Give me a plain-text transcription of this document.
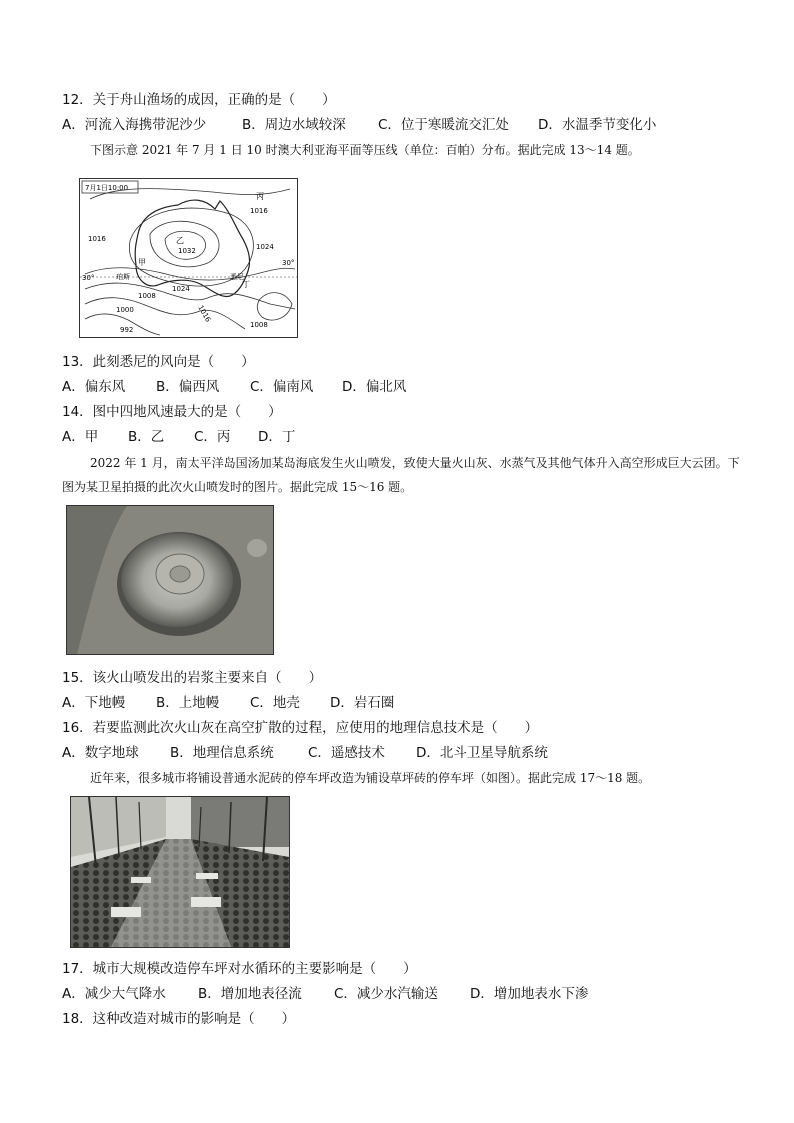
12．关于舟山渔场的成因，正确的是（　　）
A．河流入海携带泥沙少	B．周边水域较深 C．位于寒暖流交汇处 D．水温季节变化小
下图示意 2021 年 7 月 1 日 10 时澳大利亚海平面等压线（单位：百帕）分布。据此完成 13～14 题。
7月1日10:00
1016
1016
1024
1032
1024
1008
1000
992
1008
1016
丙
乙
甲
丁
珀斯	悉尼
30°
30°
13．此刻悉尼的风向是（　　）
A．偏东风 B．偏西风 C．偏南风 D．偏北风
14．图中四地风速最大的是（　　）
A．甲 B．乙 C．丙 D．丁
2022 年 1 月，南太平洋岛国汤加某岛海底发生火山喷发，致使大量火山灰、水蒸气及其他气体升入高空形成巨大云团。下图为某卫星拍摄的此次火山喷发时的图片。据此完成 15～16 题。
15．该火山喷发出的岩浆主要来自（　　）
A．下地幔 B．上地幔 C．地壳 D．岩石圈
16．若要监测此次火山灰在高空扩散的过程，应使用的地理信息技术是（　　）
A．数字地球 B．地理信息系统	C．遥感技术 D．北斗卫星导航系统
近年来，很多城市将铺设普通水泥砖的停车坪改造为铺设草坪砖的停车坪（如图）。据此完成 17～18 题。
17．城市大规模改造停车坪对水循环的主要影响是（　　）
A．减少大气降水 B．增加地表径流 C．减少水汽输送 D．增加地表水下渗
18．这种改造对城市的影响是（　　）
